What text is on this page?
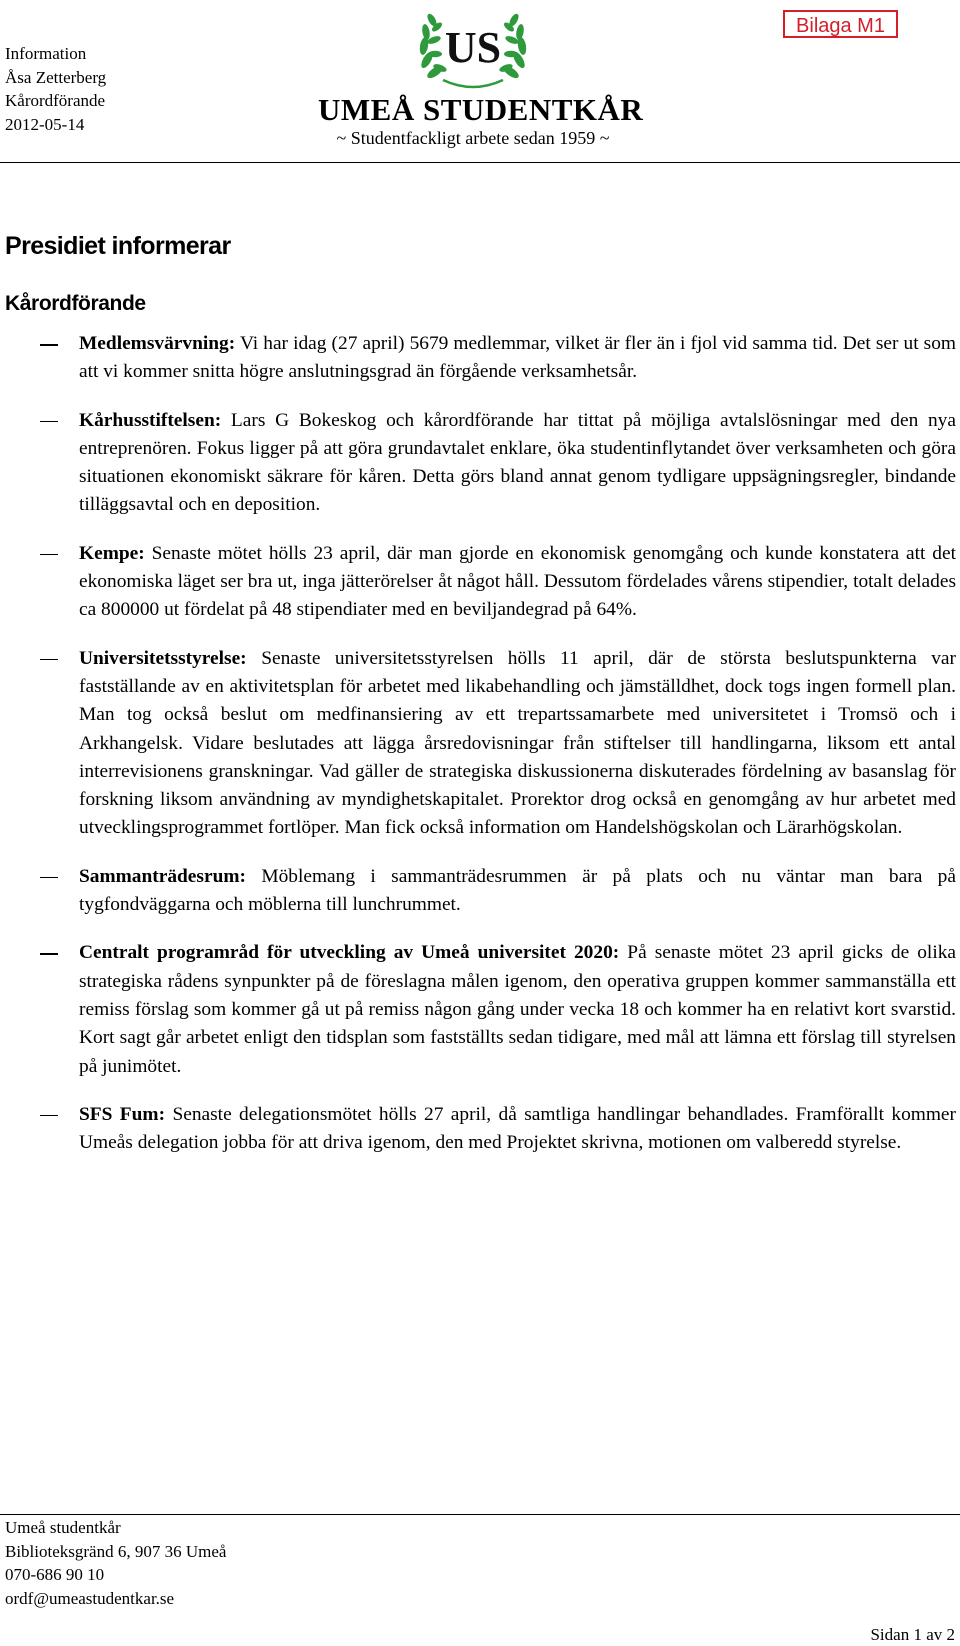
Information
Åsa Zetterberg
Kårordförande
2012-05-14
US
UMEÅ STUDENTKÅR
~ Studentfackligt arbete sedan 1959 ~
Bilaga M1
Presidiet informerar
Kårordförande
Medlemsvärvning: Vi har idag (27 april) 5679 medlemmar, vilket är fler än i fjol vid samma tid. Det ser ut som att vi kommer snitta högre anslutningsgrad än förgående verksamhetsår.
Kårhusstiftelsen: Lars G Bokeskog och kårordförande har tittat på möjliga avtalslösningar med den nya entreprenören. Fokus ligger på att göra grundavtalet enklare, öka studentinflytandet över verksamheten och göra situationen ekonomiskt säkrare för kåren. Detta görs bland annat genom tydligare uppsägningsregler, bindande tilläggsavtal och en deposition.
Kempe: Senaste mötet hölls 23 april, där man gjorde en ekonomisk genomgång och kunde konstatera att det ekonomiska läget ser bra ut, inga jätterörelser åt något håll. Dessutom fördelades vårens stipendier, totalt delades ca 800000 ut fördelat på 48 stipendiater med en beviljandegrad på 64%.
Universitetsstyrelse: Senaste universitetsstyrelsen hölls 11 april, där de största beslutspunkterna var fastställande av en aktivitetsplan för arbetet med likabehandling och jämställdhet, dock togs ingen formell plan. Man tog också beslut om medfinansiering av ett trepartssamarbete med universitetet i Tromsö och i Arkhangelsk. Vidare beslutades att lägga årsredovisningar från stiftelser till handlingarna, liksom ett antal interrevisionens granskningar. Vad gäller de strategiska diskussionerna diskuterades fördelning av basanslag för forskning liksom användning av myndighetskapitalet. Prorektor drog också en genomgång av hur arbetet med utvecklingsprogrammet fortlöper. Man fick också information om Handelshögskolan och Lärarhögskolan.
Sammanträdesrum: Möblemang i sammanträdesrummen är på plats och nu väntar man bara på tygfondväggarna och möblerna till lunchrummet.
Centralt programråd för utveckling av Umeå universitet 2020: På senaste mötet 23 april gicks de olika strategiska rådens synpunkter på de föreslagna målen igenom, den operativa gruppen kommer sammanställa ett remiss förslag som kommer gå ut på remiss någon gång under vecka 18 och kommer ha en relativt kort svarstid. Kort sagt går arbetet enligt den tidsplan som fastställts sedan tidigare, med mål att lämna ett förslag till styrelsen på junimötet.
SFS Fum: Senaste delegationsmötet hölls 27 april, då samtliga handlingar behandlades. Framförallt kommer Umeås delegation jobba för att driva igenom, den med Projektet skrivna, motionen om valberedd styrelse.
Umeå studentkår
Biblioteksgränd 6, 907 36 Umeå
070-686 90 10
ordf@umeastudentkar.se
Sidan 1 av 2
